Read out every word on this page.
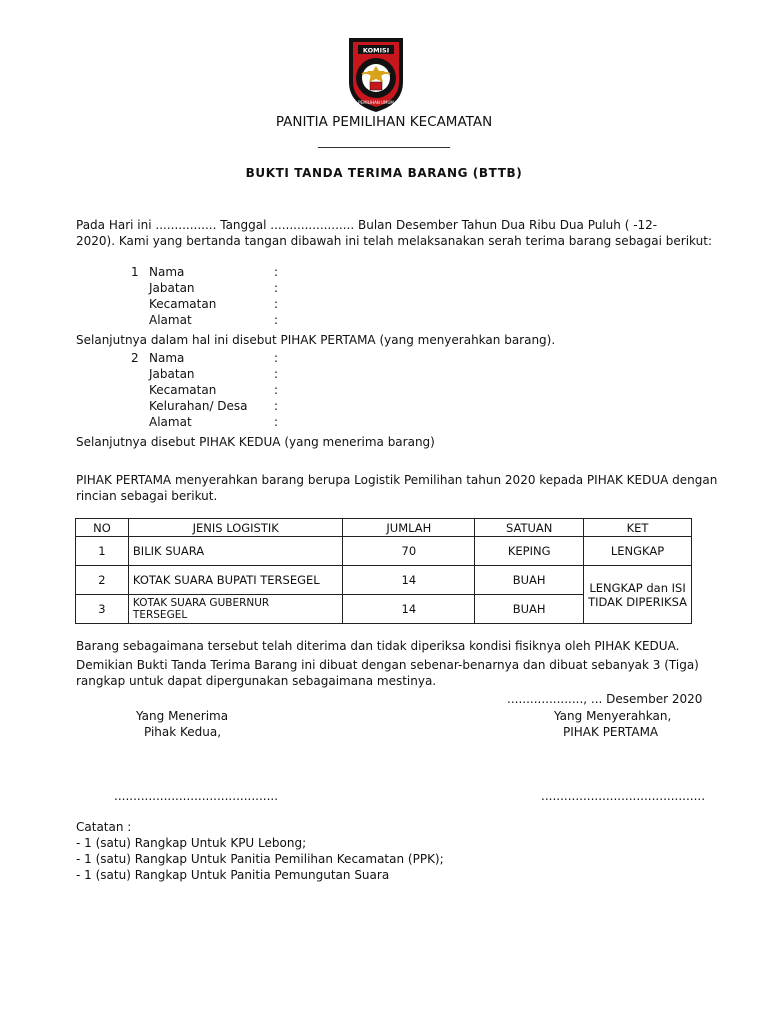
KOMISI
PEMILIHAN UMUM
PANITIA PEMILIHAN KECAMATAN
______________________
BUKTI TANDA TERIMA BARANG (BTTB)
Pada Hari ini ................ Tanggal ...................... Bulan Desember Tahun Dua Ribu Dua Puluh ( -12-
2020). Kami yang bertanda tangan dibawah ini telah melaksanakan serah terima barang sebagai berikut:
1 Nama
Jabatan
Kecamatan
Alamat
:
:
:
:
Selanjutnya dalam hal ini disebut PIHAK PERTAMA (yang menyerahkan barang).
2 Nama
Jabatan
Kecamatan
Kelurahan/ Desa
Alamat
:
:
:
:
:
Selanjutnya disebut PIHAK KEDUA (yang menerima barang)
PIHAK PERTAMA menyerahkan barang berupa Logistik Pemilihan tahun 2020 kepada PIHAK KEDUA dengan
rincian sebagai berikut.
NO	JENIS LOGISTIK	JUMLAH	SATUAN	KET
1	BILIK SUARA	70	KEPING	LENGKAP
2	KOTAK SUARA BUPATI TERSEGEL	14	BUAH	LENGKAP dan ISI
TIDAK DIPERIKSA

3	KOTAK SUARA GUBERNUR
TERSEGEL	14	BUAH	
Barang sebagaimana tersebut telah diterima dan tidak diperiksa kondisi fisiknya oleh PIHAK KEDUA.
Demikian Bukti Tanda Terima Barang ini dibuat dengan sebenar-benarnya dan dibuat sebanyak 3 (Tiga)
rangkap untuk dapat dipergunakan sebagaimana mestinya.
...................., ... Desember 2020
Yang Menerima
Pihak Kedua,
Yang Menyerahkan,
PIHAK PERTAMA
...........................................	...........................................
Catatan :
- 1 (satu) Rangkap Untuk KPU Lebong;
- 1 (satu) Rangkap Untuk Panitia Pemilihan Kecamatan (PPK);
- 1 (satu) Rangkap Untuk Panitia Pemungutan Suara
